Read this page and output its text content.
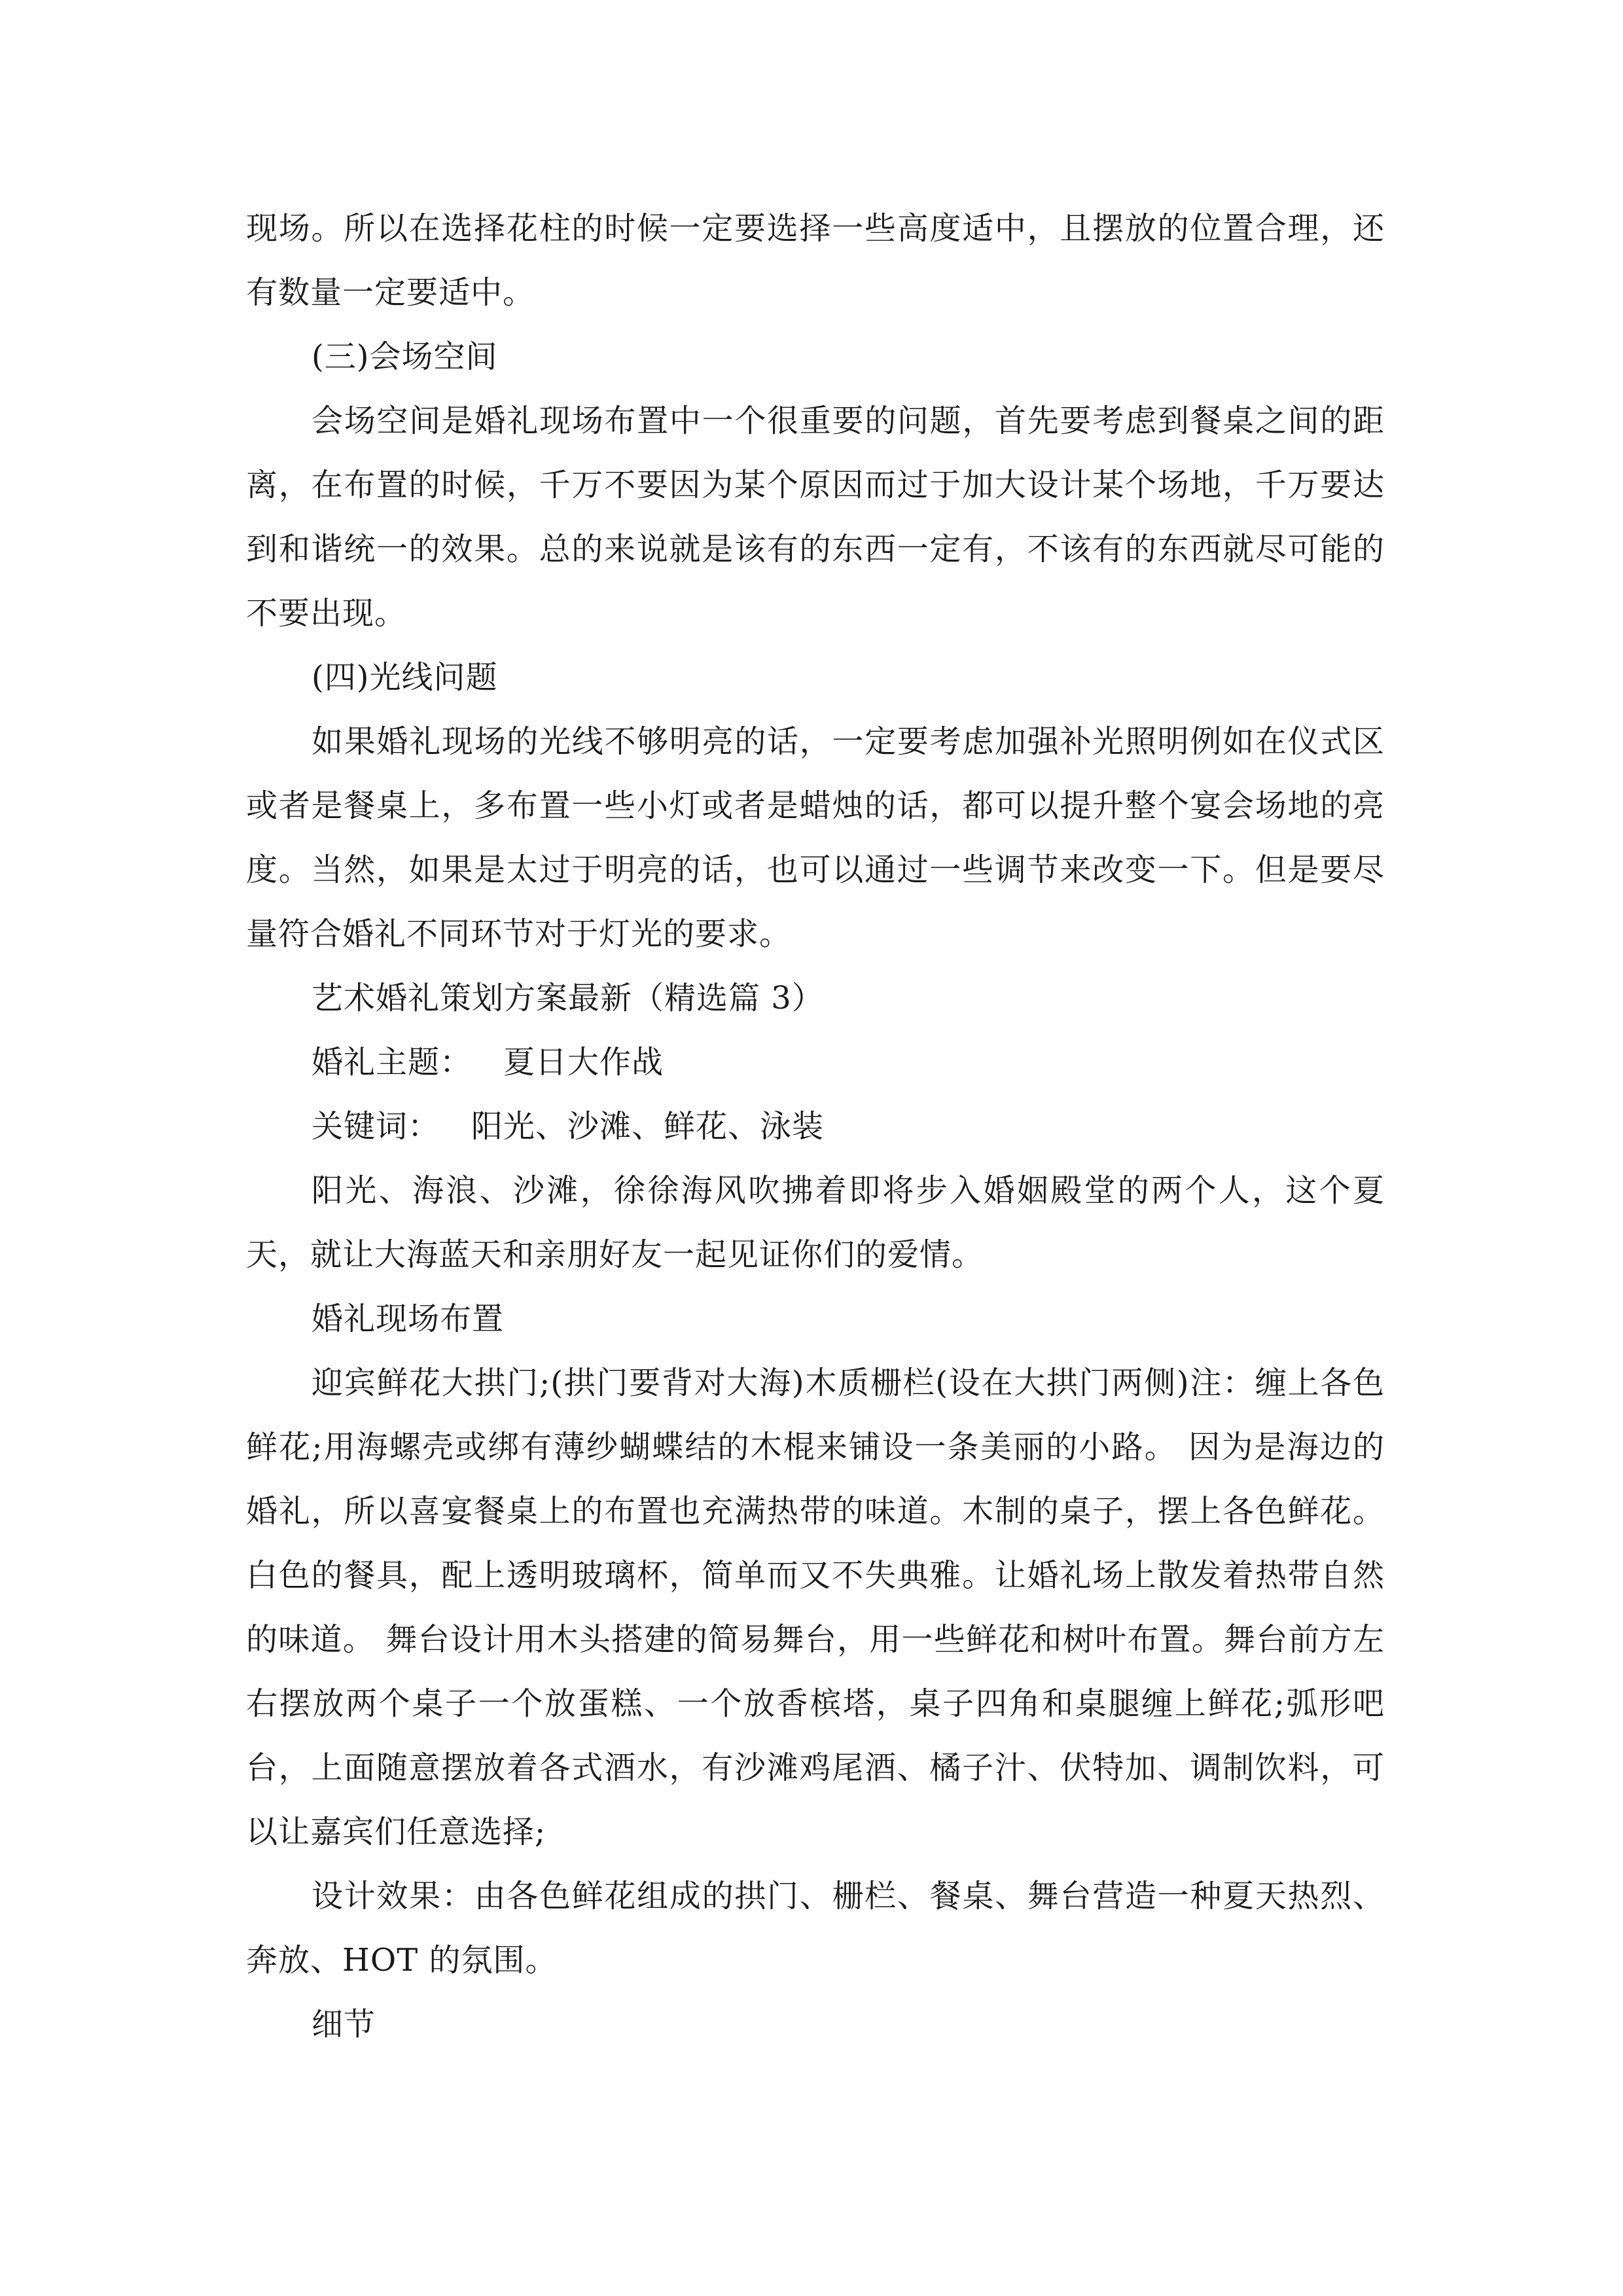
现场。所以在选择花柱的时候一定要选择一些高度适中，且摆放的位置合理，还有数量一定要适中。

(三)会场空间

会场空间是婚礼现场布置中一个很重要的问题，首先要考虑到餐桌之间的距离，在布置的时候，千万不要因为某个原因而过于加大设计某个场地，千万要达到和谐统一的效果。总的来说就是该有的东西一定有，不该有的东西就尽可能的不要出现。

(四)光线问题

如果婚礼现场的光线不够明亮的话，一定要考虑加强补光照明例如在仪式区或者是餐桌上，多布置一些小灯或者是蜡烛的话，都可以提升整个宴会场地的亮度。当然，如果是太过于明亮的话，也可以通过一些调节来改变一下。但是要尽量符合婚礼不同环节对于灯光的要求。

艺术婚礼策划方案最新（精选篇 3）

婚礼主题： 夏日大作战

关键词： 阳光、沙滩、鲜花、泳装

阳光、海浪、沙滩，徐徐海风吹拂着即将步入婚姻殿堂的两个人，这个夏天，就让大海蓝天和亲朋好友一起见证你们的爱情。

婚礼现场布置

迎宾鲜花大拱门;(拱门要背对大海)木质栅栏(设在大拱门两侧)注：缠上各色鲜花;用海螺壳或绑有薄纱蝴蝶结的木棍来铺设一条美丽的小路。 因为是海边的婚礼，所以喜宴餐桌上的布置也充满热带的味道。木制的桌子，摆上各色鲜花。白色的餐具，配上透明玻璃杯，简单而又不失典雅。让婚礼场上散发着热带自然的味道。 舞台设计用木头搭建的简易舞台，用一些鲜花和树叶布置。舞台前方左右摆放两个桌子一个放蛋糕、一个放香槟塔，桌子四角和桌腿缠上鲜花;弧形吧台，上面随意摆放着各式酒水，有沙滩鸡尾酒、橘子汁、伏特加、调制饮料，可以让嘉宾们任意选择;

设计效果：由各色鲜花组成的拱门、栅栏、餐桌、舞台营造一种夏天热烈、奔放、HOT 的氛围。

细节
